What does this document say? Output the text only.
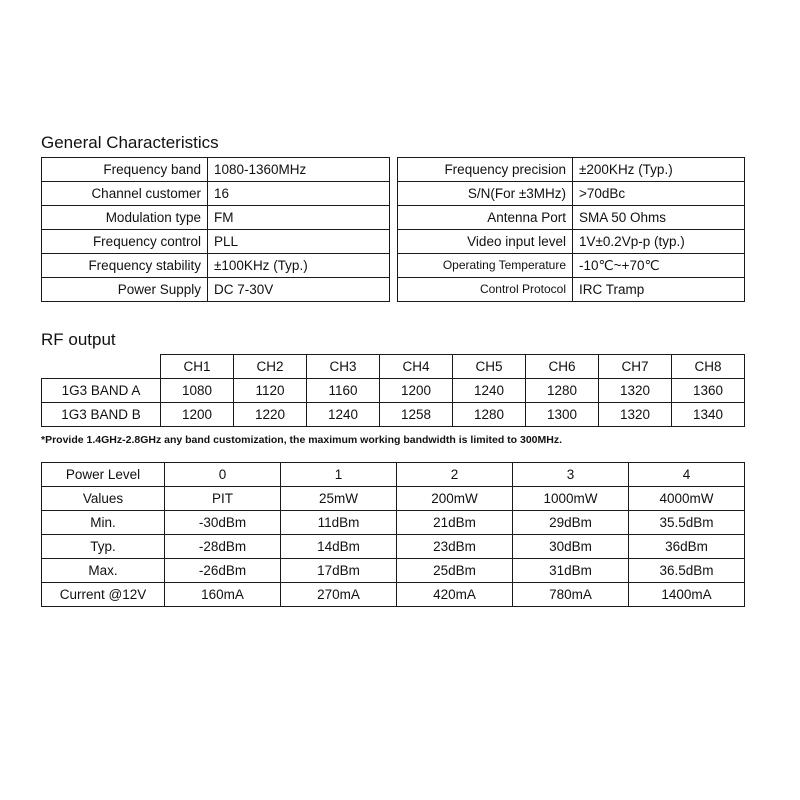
General Characteristics
Frequency band	1080-1360MHz
Channel customer	16
Modulation type	FM
Frequency control	PLL
Frequency stability	±100KHz (Typ.)
Power Supply	DC 7-30V
Frequency precision	±200KHz (Typ.)
S/N(For ±3MHz)	>70dBc
Antenna Port	SMA 50 Ohms
Video input level	1V±0.2Vp-p (typ.)
Operating Temperature	-10℃~+70℃
Control Protocol	IRC Tramp
RF output
	CH1	CH2	CH3	CH4	CH5	CH6	CH7	CH8
1G3 BAND A	1080	1120	1160	1200	1240	1280	1320	1360
1G3 BAND B	1200	1220	1240	1258	1280	1300	1320	1340
*Provide 1.4GHz-2.8GHz any band customization, the maximum working bandwidth is limited to 300MHz.
Power Level	0	1	2	3	4
Values	PIT	25mW	200mW	1000mW	4000mW
Min.	-30dBm	11dBm	21dBm	29dBm	35.5dBm
Typ.	-28dBm	14dBm	23dBm	30dBm	36dBm
Max.	-26dBm	17dBm	25dBm	31dBm	36.5dBm
Current @12V	160mA	270mA	420mA	780mA	1400mA
